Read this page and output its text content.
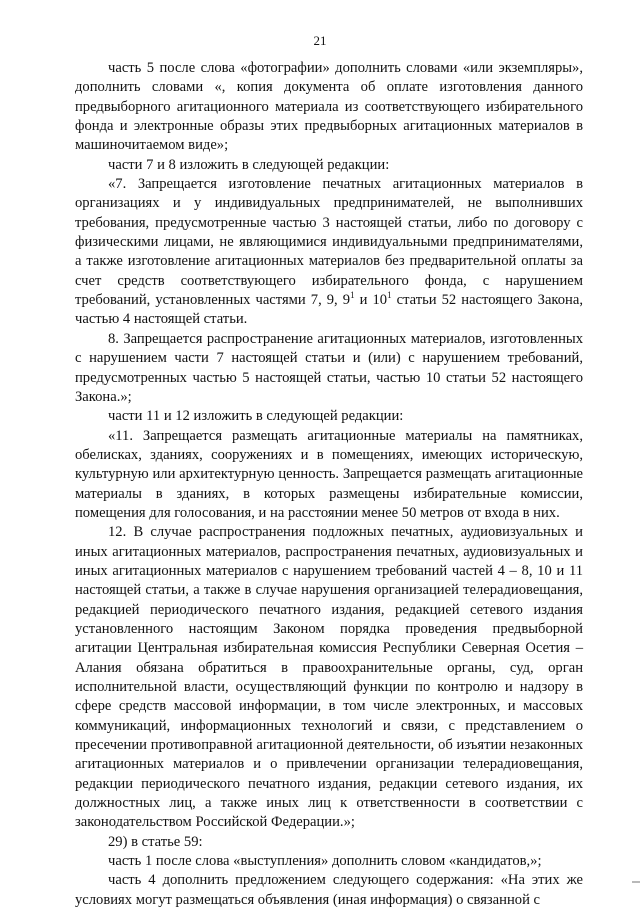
21

часть 5 после слова «фотографии» дополнить словами «или экземпляры», дополнить словами «, копия документа об оплате изготовления данного предвыборного агитационного материала из соответствующего избирательного фонда и электронные образы этих предвыборных агитационных материалов в машиночитаемом виде»;

части 7 и 8 изложить в следующей редакции:

«7. Запрещается изготовление печатных агитационных материалов в организациях и у индивидуальных предпринимателей, не выполнивших требования, предусмотренные частью 3 настоящей статьи, либо по договору с физическими лицами, не являющимися индивидуальными предпринимателями, а также изготовление агитационных материалов без предварительной оплаты за счет средств соответствующего избирательного фонда, с нарушением требований, установленных частями 7, 9, $9^1$ и $10^1$ статьи 52 настоящего Закона, частью 4 настоящей статьи.

8. Запрещается распространение агитационных материалов, изготовленных с нарушением части 7 настоящей статьи и (или) с нарушением требований, предусмотренных частью 5 настоящей статьи, частью 10 статьи 52 настоящего Закона.»;

части 11 и 12 изложить в следующей редакции:

«11. Запрещается размещать агитационные материалы на памятниках, обелисках, зданиях, сооружениях и в помещениях, имеющих историческую, культурную или архитектурную ценность. Запрещается размещать агитационные материалы в зданиях, в которых размещены избирательные комиссии, помещения для голосования, и на расстоянии менее 50 метров от входа в них.

12. В случае распространения подложных печатных, аудиовизуальных и иных агитационных материалов, распространения печатных, аудиовизуальных и иных агитационных материалов с нарушением требований частей 4 – 8, 10 и 11 настоящей статьи, а также в случае нарушения организацией телерадиовещания, редакцией периодического печатного издания, редакцией сетевого издания установленного настоящим Законом порядка проведения предвыборной агитации Центральная избирательная комиссия Республики Северная Осетия – Алания обязана обратиться в правоохранительные органы, суд, орган исполнительной власти, осуществляющий функции по контролю и надзору в сфере средств массовой информации, в том числе электронных, и массовых коммуникаций, информационных технологий и связи, с представлением о пресечении противоправной агитационной деятельности, об изъятии незаконных агитационных материалов и о привлечении организации телерадиовещания, редакции периодического печатного издания, редакции сетевого издания, их должностных лиц, а также иных лиц к ответственности в соответствии с законодательством Российской Федерации.»;

29) в статье 59:

часть 1 после слова «выступления» дополнить словом «кандидатов,»;

часть 4 дополнить предложением следующего содержания: «На этих же условиях могут размещаться объявления (иная информация) о связанной с
